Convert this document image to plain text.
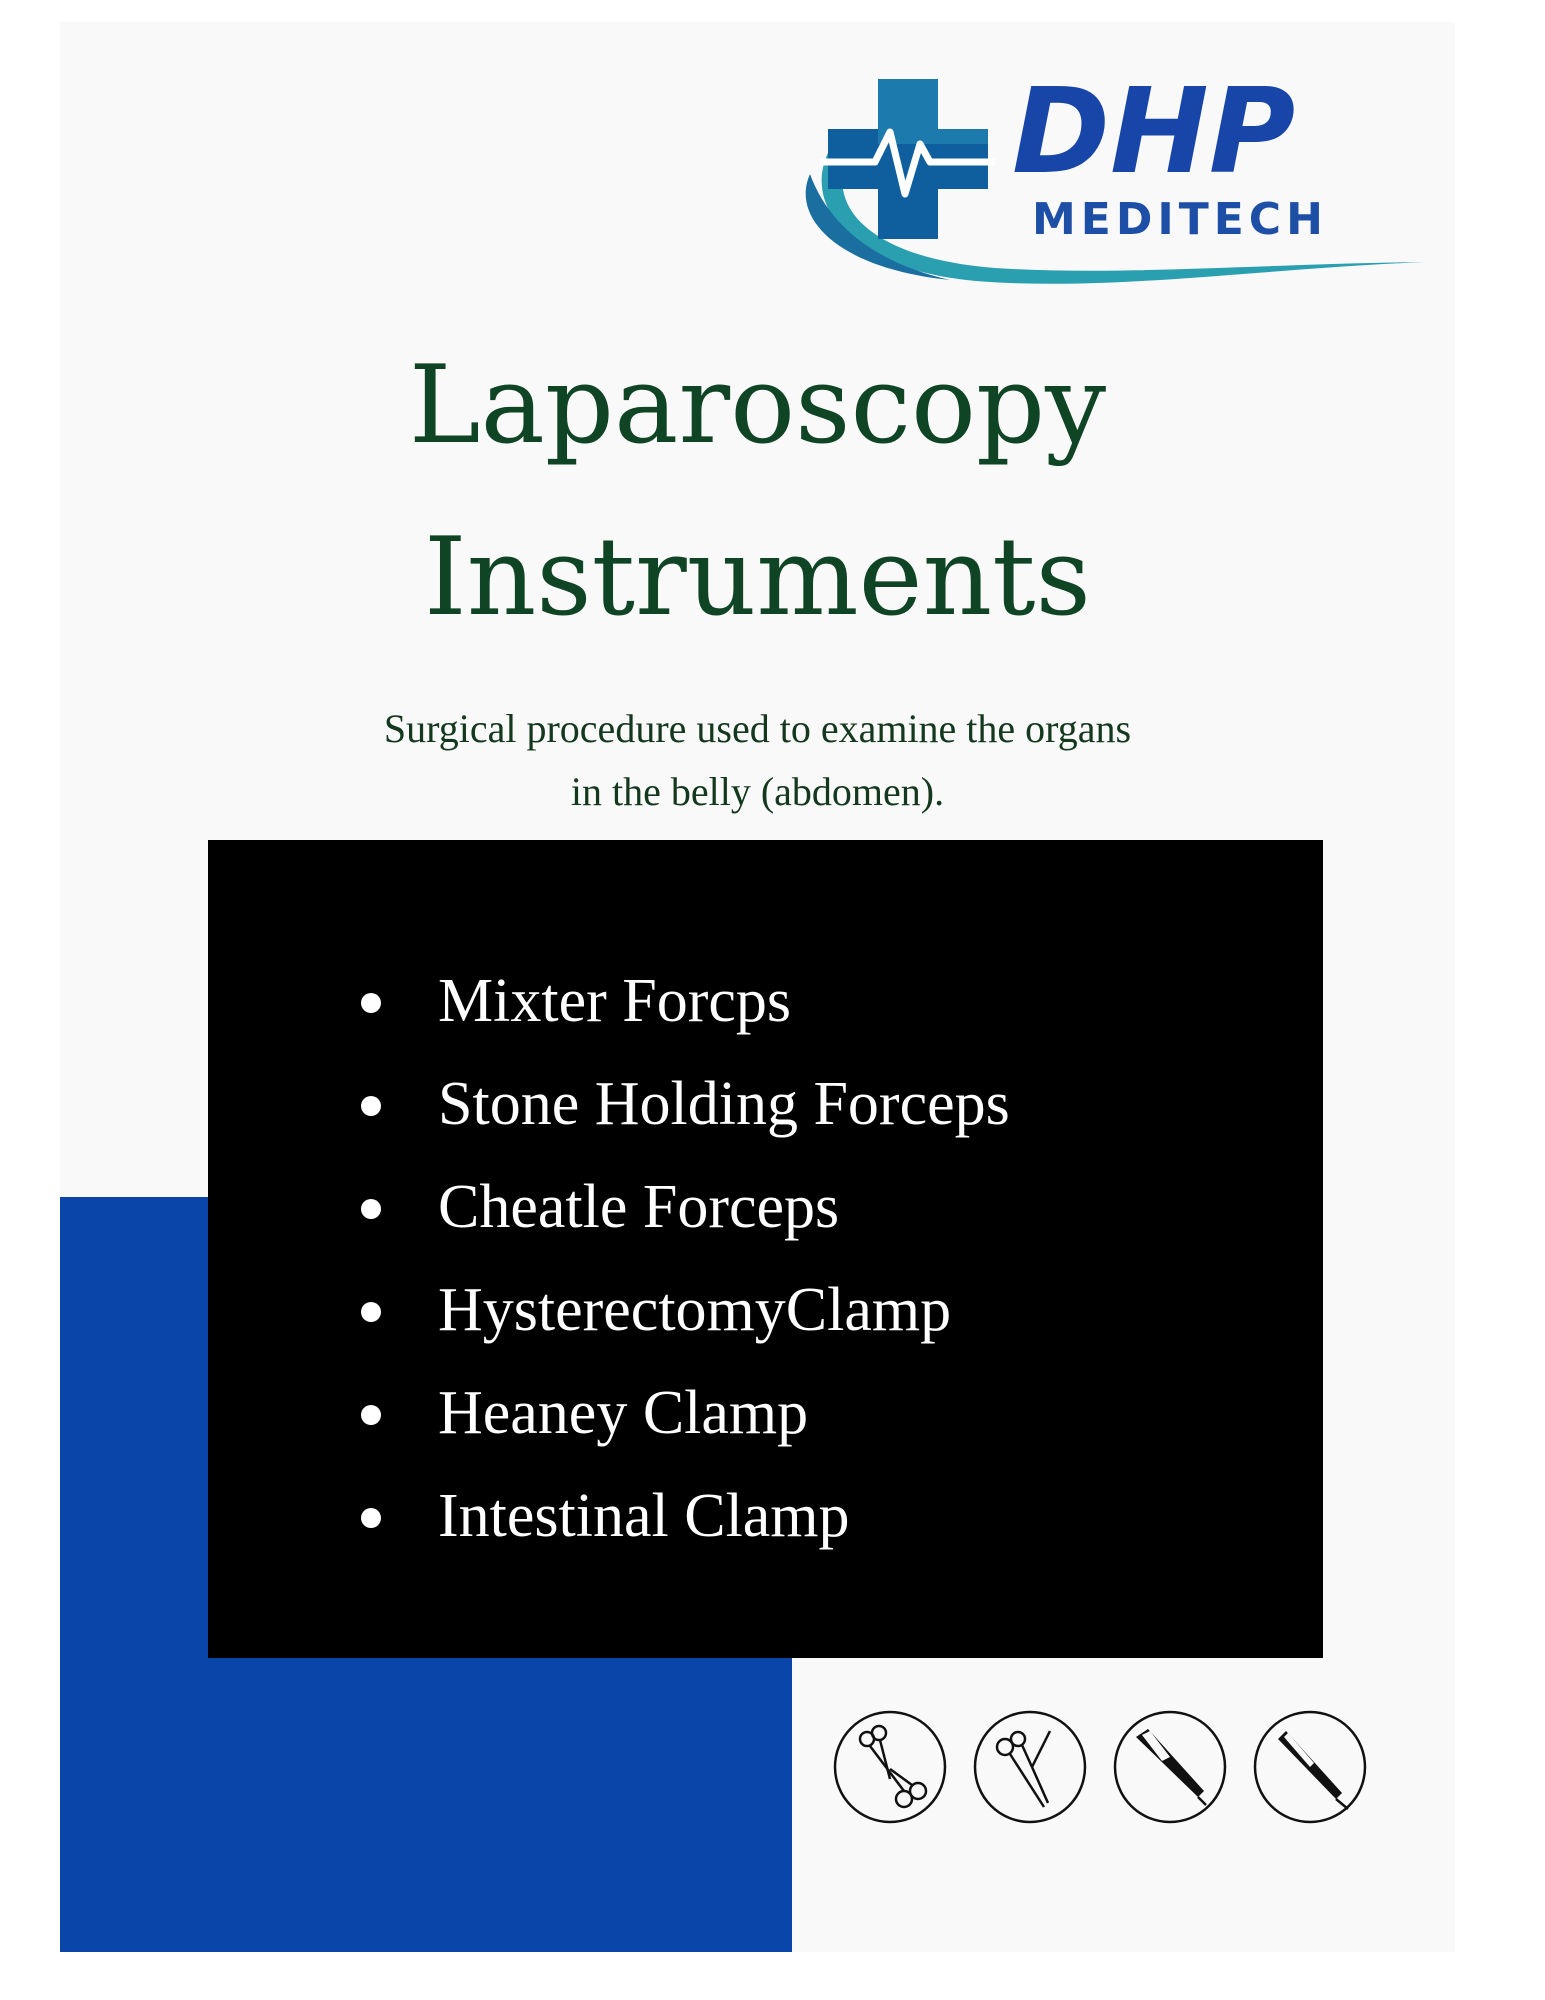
DHP
MEDITECH
Laparoscopy
Instruments
Surgical procedure used to examine the organs
in the belly (abdomen).
Mixter Forcps
Stone Holding Forceps
Cheatle Forceps
HysterectomyClamp
Heaney Clamp
Intestinal Clamp
